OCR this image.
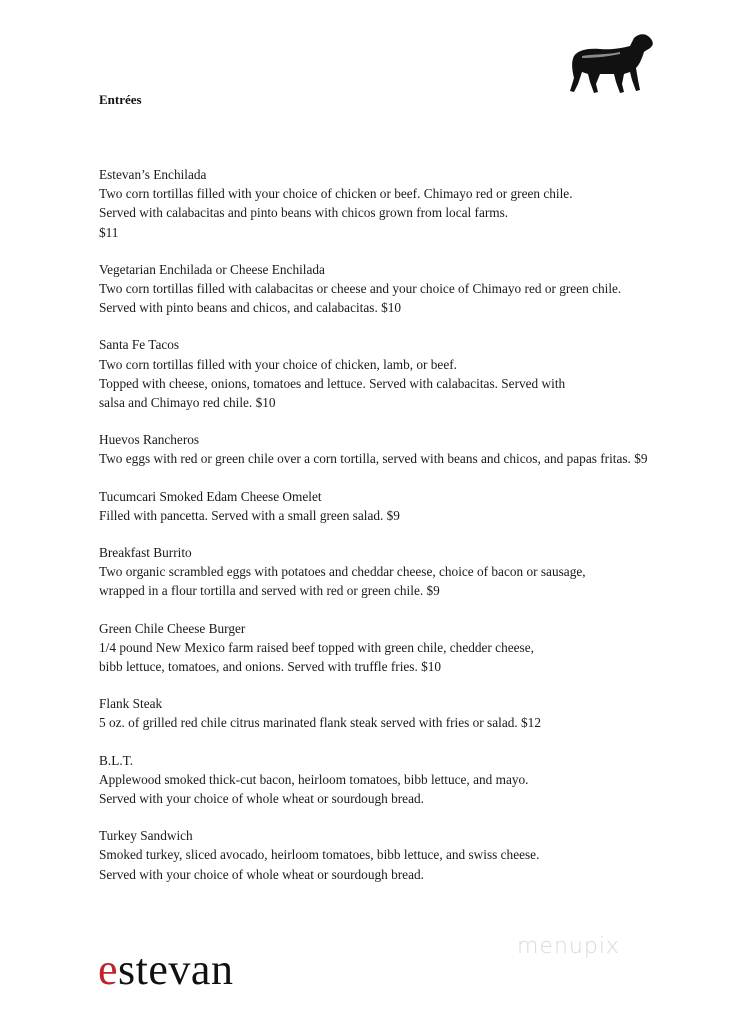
Entrées
Estevan’s Enchilada
Two corn tortillas filled with your choice of chicken or beef. Chimayo red or green chile.
Served with calabacitas and pinto beans with chicos grown from local farms.
$11
Vegetarian Enchilada or Cheese Enchilada
Two corn tortillas filled with calabacitas or cheese and your choice of Chimayo red or green chile.
Served with pinto beans and chicos, and calabacitas. $10
Santa Fe Tacos
Two corn tortillas filled with your choice of chicken, lamb, or beef.
Topped with cheese, onions, tomatoes and lettuce. Served with calabacitas. Served with
salsa and Chimayo red chile. $10
Huevos Rancheros
Two eggs with red or green chile over a corn tortilla, served with beans and chicos, and papas fritas. $9
Tucumcari Smoked Edam Cheese Omelet
Filled with pancetta. Served with a small green salad. $9
Breakfast Burrito
Two organic scrambled eggs with potatoes and cheddar cheese, choice of bacon or sausage,
wrapped in a flour tortilla and served with red or green chile. $9
Green Chile Cheese Burger
1/4 pound New Mexico farm raised beef topped with green chile, chedder cheese,
bibb lettuce, tomatoes, and onions. Served with truffle fries. $10
Flank Steak
5 oz. of grilled red chile citrus marinated flank steak served with fries or salad. $12
B.L.T.
Applewood smoked thick-cut bacon, heirloom tomatoes, bibb lettuce, and mayo.
Served with your choice of whole wheat or sourdough bread.
Turkey Sandwich
Smoked turkey, sliced avocado, heirloom tomatoes, bibb lettuce, and swiss cheese.
Served with your choice of whole wheat or sourdough bread.
menupix
estevan
